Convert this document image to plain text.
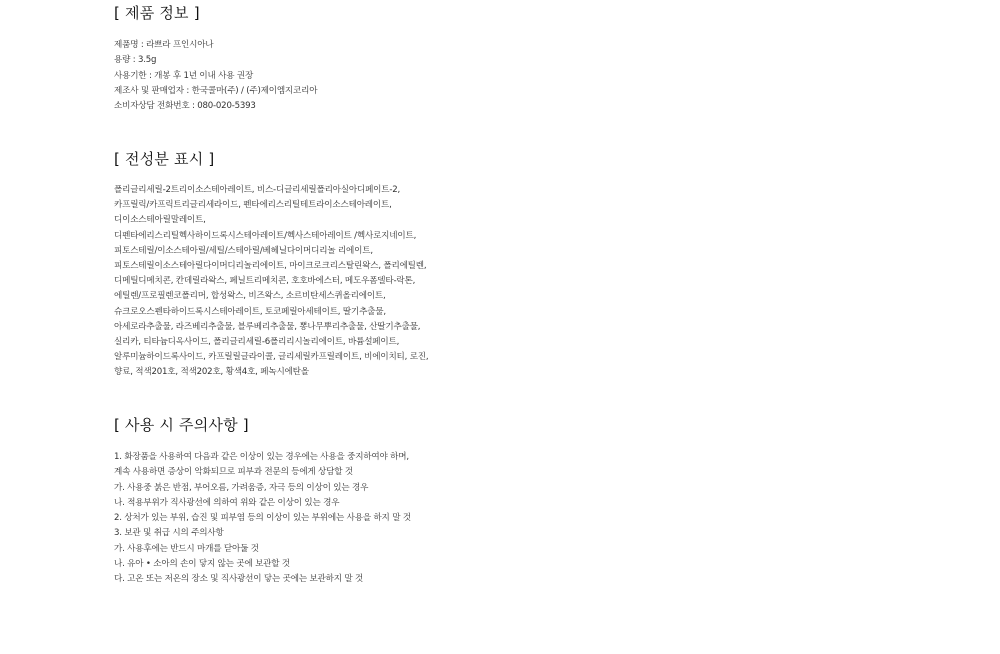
[ 제품 정보 ]
제품명 : 라쁘라 프인시아나
용량 : 3.5g
사용기한 : 개봉 후 1년 이내 사용 권장
제조사 및 판매업자 : 한국콜마(주) / (주)제이엠지코리아
소비자상담 전화번호 : 080-020-5393
[ 전성분 표시 ]
폴리글리세릴-2트리이소스테아레이트, 비스-디글리세릴폴리아실아디페이트-2,
카프릴릭/카프릭트리글리세라이드, 펜타에리스리틸테트라이소스테아레이트,
디이소스테아릴말레이트,
디펜타에리스리틸헥사하이드록시스테아레이트/헥사스테아레이트 /헥사로지네이트,
피토스테릴/이소스테아릴/세틸/스테아릴/베헤닐다이머디리놀 리에이트,
피토스테릴이소스테아릴다이머디리놀리에이트, 마이크로크리스탈린왁스, 폴리에틸렌,
디메틸디메치콘, 칸데릴라왁스, 페닐트리메치콘, 호호바에스터, 메도우폼델타-락톤,
에틸렌/프로필렌코폴리머, 합성왁스, 비즈왁스, 소르비탄세스퀴올리에이트,
슈크로오스펜타하이드록시스테아레이트, 토코페릴아세테이트, 딸기추출물,
아세로라추출물, 라즈베리추출물, 블루베리추출물, 뽕나무뿌리추출물, 산딸기추출물,
실리카, 티타늄디옥사이드, 폴리글리세릴-6폴리리시놀리에이트, 바륨설페이트,
알루미늄하이드록사이드, 카프릴릴글라이콜, 글리세릴카프릴레이트, 비에이치티, 로진,
향료, 적색201호, 적색202호, 황색4호, 페녹시에탄올
[ 사용 시 주의사항 ]
1. 화장품을 사용하여 다음과 같은 이상이 있는 경우에는 사용을 중지하여야 하며,
계속 사용하면 증상이 악화되므로 피부과 전문의 등에게 상담할 것
가. 사용중 붉은 반점, 부어오름, 가려움증, 자극 등의 이상이 있는 경우
나. 적용부위가 직사광선에 의하여 위와 같은 이상이 있는 경우
2. 상처가 있는 부위, 습진 및 피부염 등의 이상이 있는 부위에는 사용을 하지 말 것
3. 보관 및 취급 시의 주의사항
가. 사용후에는 반드시 마개를 닫아둘 것
나. 유아 • 소아의 손이 닿지 않는 곳에 보관할 것
다. 고온 또는 저온의 장소 및 직사광선이 닿는 곳에는 보관하지 말 것
